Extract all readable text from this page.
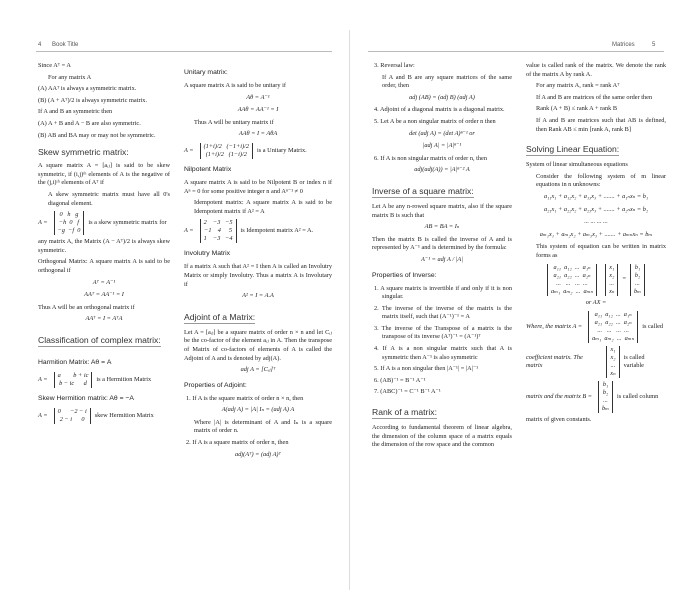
4 Book Title

Since Aᵀ = A

For any matrix A

(A) AAᵀ is always a symmetric matrix.

(B) (A + Aᵀ)/2 is always symmetric matrix.

If A and B an symmetric then

(A) A + B and A − B are also symmetric.

(B) AB and BA may or may not be symmetric.

Skew symmetric matrix:

A square matrix A = [aᵢⱼ] is said to be skew symmetric, if (i,j)ᵗʰ elements of A is the negative of the (j,i)ᵗʰ elements of Aᵀ if

A skew symmetric matrix must have all 0's diagonal element.

A =
0   h   g
−h  0   f
−g  −f  0
is a skew symmetric matrix for

any matrix A, the Matrix (A − Aᵀ)/2 is always skew symmetric.

Orthogonal Matrix: A square matrix A is said to be orthogonal if

Aᵀ = A⁻¹

AAᵀ = AA⁻¹ = I

Thus A will be an orthogonal matrix if

AAᵀ = I = AᵀA

Classification of complex matrix:
Harmition Matrix: Aθ = A
A =
a        b + ic
b − ic      d
is a Hermition Matrix
Skew Hermition matrix: Aθ = −A
A =
0      −2 − i
2 − i      0
skew Hermition Matrix
Unitary matrix:

A square matrix A is said to be unitary if

Aθ = A⁻¹

AAθ = AA⁻¹ = I

Thus A will be unitary matrix if

AAθ = I = AθA

A =
(1+i)/2   (−1+i)/2
(1+i)/2   (1−i)/2
is a Unitary Matrix.
Nilpotent Matrix

A square matrix A is said to be Nilpotent B or index n if Aⁿ = 0 for some positive integer n and Aⁿ⁻¹ ≠ 0

Idempotent matrix: A square matrix A is said to be Idempotent matrix if A² = A

A =
2    −3   −5
−1    4     5
1    −3   −4
is Idempotent matrix A² = A.
Involutry Matrix

If a matrix A such that A² = I then A is called an Involutry Matrix or simply Involutry. Thus a matrix A is Involutary if

A² = I = A.A

Adjoint of a Matrix:

Let A = [aᵢⱼ] be a square matrix of order n × n and let Cᵢⱼ be the co-factor of the element aᵢⱼ in A. Then the transpose of Matrix of co-factors of elements of A is called the Adjoint of A and is denoted by adj(A).

adj A = [Cᵢⱼ]ᵀ

Properties of Adjoint:

1. If A is the square matrix of order n × n, then

A(adj A) = |A| Iₙ = (adj A) A

Where |A| is determinant of A and Iₙ is a square matrix of order n.

2. If A is a square matrix of order n, then

adj(Aᵀ) = (adj A)ᵀ

Matrices	5

3. Reversal law:

If A and B are any square matrices of the same order, then

adj (AB) = (adj B) (adj A)

4. Adjoint of a diagonal matrix is a diagonal matrix.

5. Let A be a non singular matrix of order n then

det (adj A) = (det A)ⁿ⁻¹ or

|adj A| = |A|ⁿ⁻¹

6. If A is non singular matrix of order n, then

adj(adj(A)) = |A|ⁿ⁻² A

Inverse of a square matrix:

Let A be any n-rowed square matrix, also if the square matrix B is such that

AB = BA = Iₙ

Then the matrix B is called the inverse of A and is represented by A⁻¹ and is determined by the formula:

A⁻¹ = adj A / |A|

Properties of Inverse:

1. A square matrix is invertible if and only if it is non singular.

2. The inverse of the inverse of the matrix is the matrix itself, such that (A⁻¹)⁻¹ = A

3. The inverse of the Transpose of a matrix is the transpose of its inverse (Aᵀ)⁻¹ = (A⁻¹)ᵀ

4. If A is a non singular matrix such that A is symmetric then A⁻¹ is also symmetric

5. If A is a non singular then |A⁻¹| = |A|⁻¹

6. (AB)⁻¹ = B⁻¹ A⁻¹

7. (ABC)⁻¹ = C⁻¹ B⁻¹ A⁻¹

Rank of a matrix:

According to fundamental theorem of linear algebra, the dimension of the column space of a matrix equals the dimension of the row space and the common

value is called rank of the matrix. We denote the rank of the matrix A by rank A.

For any matrix A, rank = rank Aᵀ

If A and B are matrices of the same order then

Rank (A + B) ≤ rank A + rank B

If A and B are matrices such that AB is defined, then Rank AB ≤ min [rank A, rank B]

Solving Linear Equation:

System of linear simultaneous equations

Consider the following system of m linear equations in n unknowns:

a₁₁x₁ + a₁₂x₂ + a₁₃x₃ + ....... + a₁ₙxₙ = b₁

a₂₁x₁ + a₂₂x₂ + a₂₃x₃ + ....... + a₂ₙxₙ = b₂

... ... ... ...

aₘ₁x₁ + aₘ₂x₂ + aₘ₃x₃ + ....... + aₘₙxₙ = bₘ

This system of equation can be written in matrix forms as

a₁₁  a₁₂  ...  a₁ₙ
a₂₁  a₂₂  ...  a₂ₙ
...   ...   ...  ...
aₘ₁  aₘ₂  ...  aₘₙ
x₁
x₂
...
xₙ
=
b₁
b₂
...
bₘ

or AX =

Where, the matrix A =
a₁₁  a₁₂  ...  a₁ₙ
a₂₁  a₂₂  ...  a₂ₙ
...   ...   ...  ...
aₘ₁  aₘ₂  ...  aₘₙ
is called
coefficient matrix. The matrix
x₁
x₂
...
xₙ
is called variable
matrix and the matrix B =
b₁
b₂
...
bₘ
is called column

matrix of given constants.
